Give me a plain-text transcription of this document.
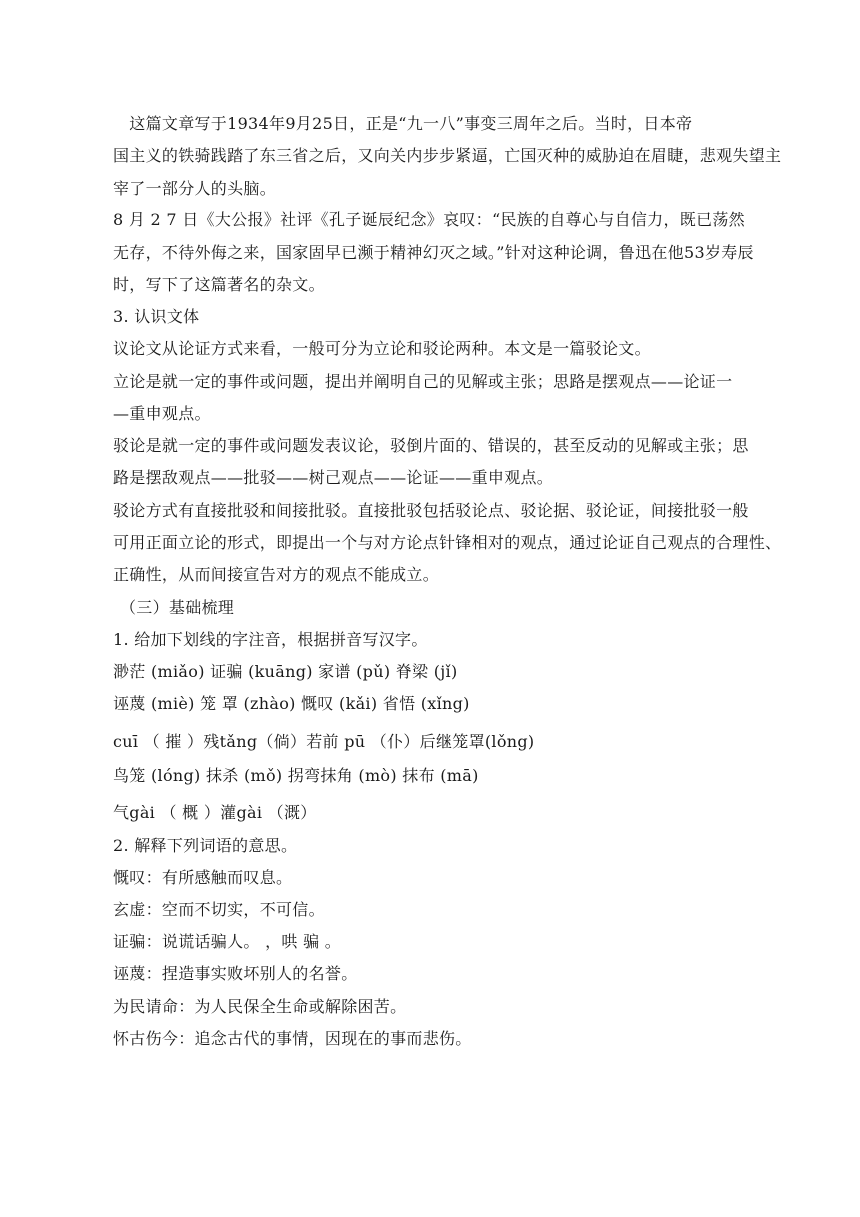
　这篇文章写于1934年9月25日，正是“九一八”事变三周年之后。当时，日本帝
国主义的铁骑践踏了东三省之后，又向关内步步紧逼，亡国灭种的威胁迫在眉睫，悲观失望主
宰了一部分人的头脑。
8 月 2 7 日《大公报》社评《孔子诞辰纪念》哀叹：“民族的自尊心与自信力，既已荡然
无存，不待外侮之来，国家固早已濒于精神幻灭之域。”针对这种论调，鲁迅在他53岁寿辰
时，写下了这篇著名的杂文。
3. 认识文体
议论文从论证方式来看，一般可分为立论和驳论两种。本文是一篇驳论文。
立论是就一定的事件或问题，提出并阐明自己的见解或主张；思路是摆观点——论证一
—重申观点。
驳论是就一定的事件或问题发表议论，驳倒片面的、错误的，甚至反动的见解或主张；思
路是摆敌观点——批驳——树己观点——论证——重申观点。
驳论方式有直接批驳和间接批驳。直接批驳包括驳论点、驳论据、驳论证，间接批驳一般
可用正面立论的形式，即提出一个与对方论点针锋相对的观点，通过论证自己观点的合理性、
正确性，从而间接宣告对方的观点不能成立。
（三）基础梳理
1. 给加下划线的字注音，根据拼音写汉字。
渺茫 (miǎo) 证骗 (kuāng) 家谱 (pǔ) 脊梁 (jǐ)
诬蔑 (miè) 笼 罩 (zhào) 慨叹 (kǎi) 省悟 (xǐng)
cuī （ 摧 ）残tǎng（倘）若前 pū （仆）后继笼罩(lǒng)
鸟笼 (lóng) 抹杀 (mǒ) 拐弯抹角 (mò) 抹布 (mā)
气gài （ 概 ）灌gài （溉）
2. 解释下列词语的意思。
慨叹：有所感触而叹息。
玄虚：空而不切实，不可信。
证骗：说谎话骗人。 ，哄 骗 。
诬蔑：捏造事实败坏别人的名誉。
为民请命：为人民保全生命或解除困苦。
怀古伤今：追念古代的事情，因现在的事而悲伤。
